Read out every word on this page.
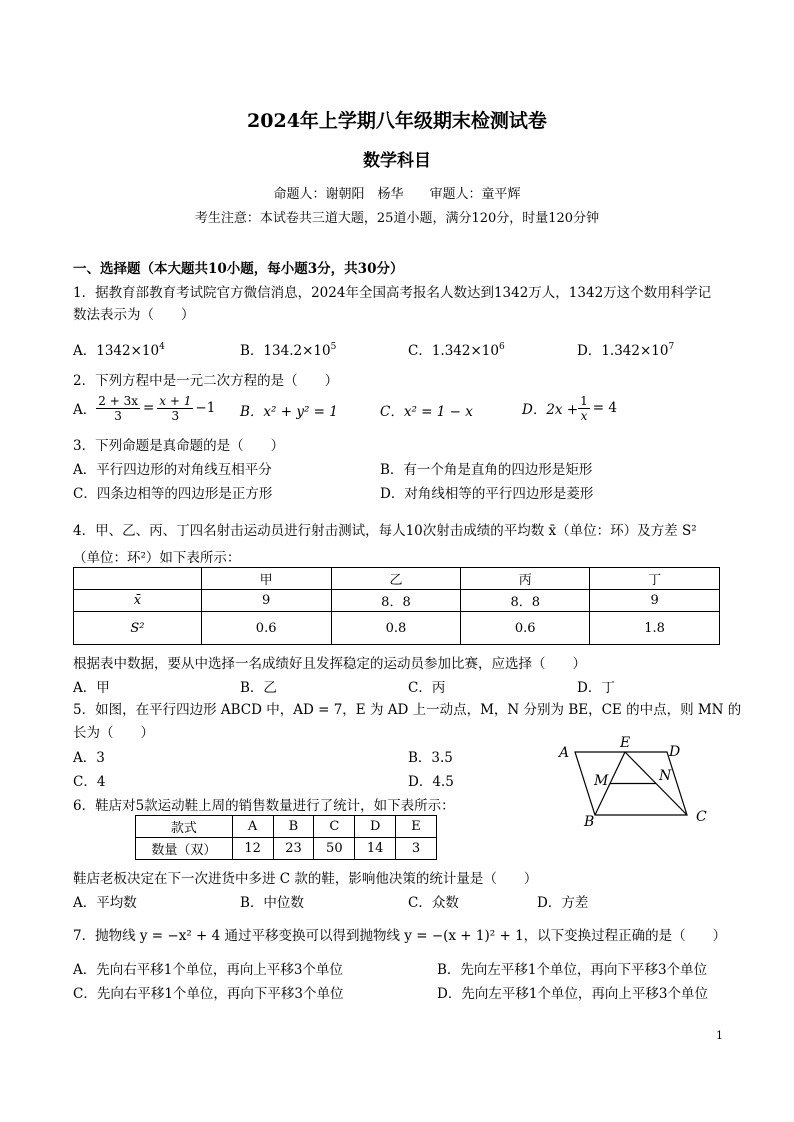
2024年上学期八年级期末检测试卷
数学科目
命题人：谢朝阳　杨华　　审题人：童平辉
考生注意：本试卷共三道大题，25道小题，满分120分，时量120分钟
一、选择题（本大题共10小题，每小题3分，共30分）
1．据教育部教育考试院官方微信消息，2024年全国高考报名人数达到1342万人，1342万这个数用科学记
数法表示为（　　）
A．$1342\times 10^4$	B．$134.2\times 10^5$	C．$1.342\times 10^6$	D．$1.342\times 10^7$
2．下列方程中是一元二次方程的是（　　）
A． $\frac{2 + 3x}{3} = \frac{x + 1}{3} -1$ B．x² + y² = 1	C．x² = 1 − x	D．$2x + \frac{1}{x} = 4$
3．下列命题是真命题的是（　　）
A．平行四边形的对角线互相平分	B．有一个角是直角的四边形是矩形
C．四条边相等的四边形是正方形	D．对角线相等的平行四边形是菱形
4．甲、乙、丙、丁四名射击运动员进行射击测试，每人10次射击成绩的平均数 x̄（单位：环）及方差 S²
（单位：环²）如下表所示：
	甲	乙	丙	丁
x̄	9	8．8	8．8	9
S²	0.6	0.8	0.6	1.8
根据表中数据，要从中选择一名成绩好且发挥稳定的运动员参加比赛，应选择（　　）
A．甲	B．乙	C．丙	D．丁
5．如图，在平行四边形 ABCD 中，AD = 7，E 为 AD 上一动点，M，N 分别为 BE，CE 的中点，则 MN 的
长为（　　）
A．3	B．3.5
C．4	D．4.5
A
E
D
M	N
B	C
6．鞋店对5款运动鞋上周的销售数量进行了统计，如下表所示：
款式	A	B	C	D	E
数量（双）	12	23	50	14	3
鞋店老板决定在下一次进货中多进 C 款的鞋，影响他决策的统计量是（　　）
A．平均数	B．中位数	C．众数	D．方差
7．抛物线 y = −x² + 4 通过平移变换可以得到抛物线 y = −(x + 1)² + 1，以下变换过程正确的是（　　）
A．先向右平移1个单位，再向上平移3个单位	B．先向左平移1个单位，再向下平移3个单位
C．先向右平移1个单位，再向下平移3个单位	D．先向左平移1个单位，再向上平移3个单位
1
